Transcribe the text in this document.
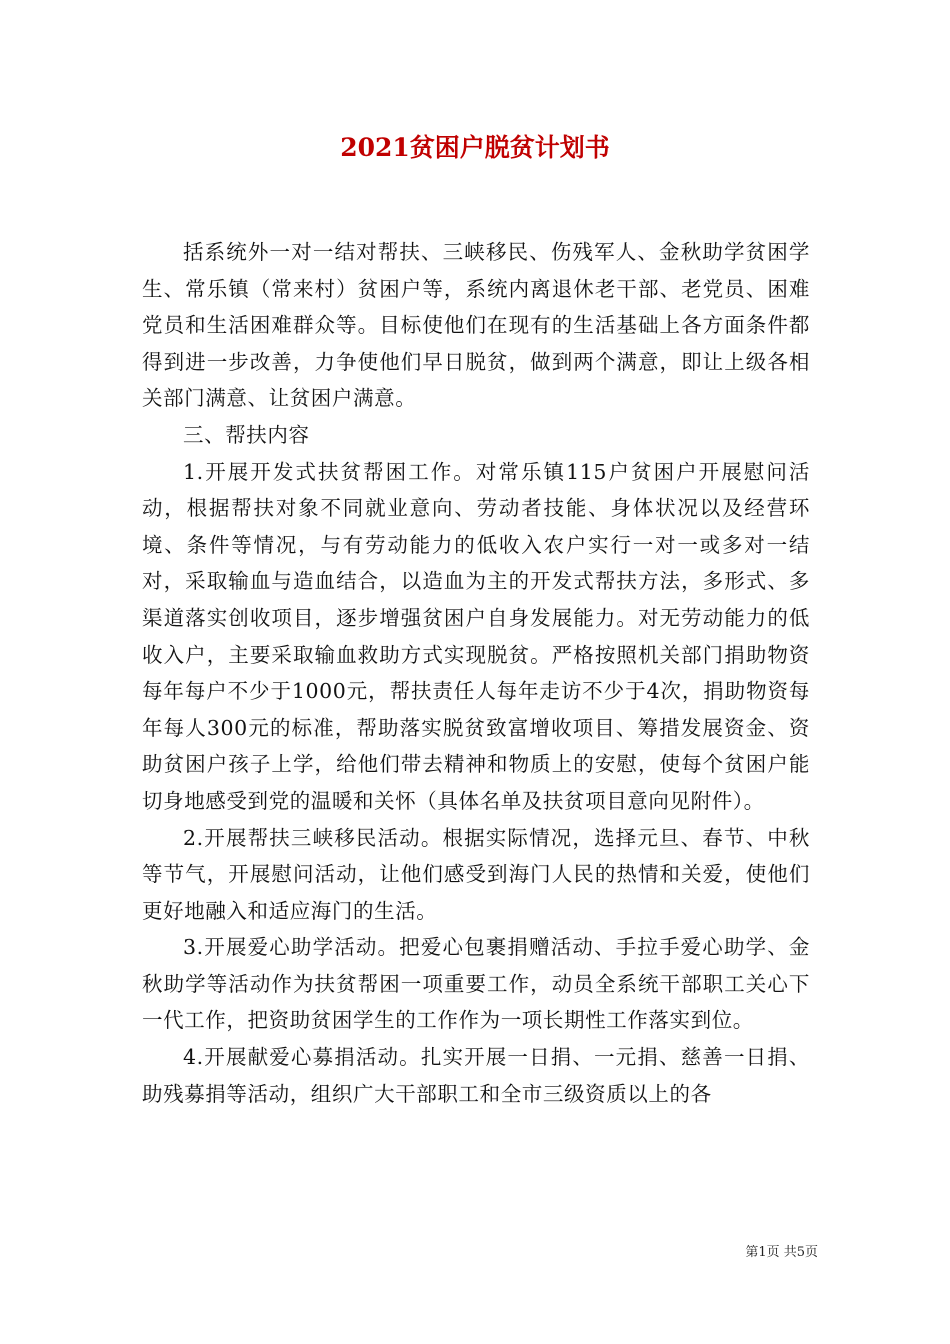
2021贫困户脱贫计划书

括系统外一对一结对帮扶、三峡移民、伤残军人、金秋助学贫困学生、常乐镇（常来村）贫困户等，系统内离退休老干部、老党员、困难党员和生活困难群众等。目标使他们在现有的生活基础上各方面条件都得到进一步改善，力争使他们早日脱贫，做到两个满意，即让上级各相关部门满意、让贫困户满意。

三、帮扶内容

1.开展开发式扶贫帮困工作。对常乐镇115户贫困户开展慰问活动，根据帮扶对象不同就业意向、劳动者技能、身体状况以及经营环境、条件等情况，与有劳动能力的低收入农户实行一对一或多对一结对，采取输血与造血结合，以造血为主的开发式帮扶方法，多形式、多渠道落实创收项目，逐步增强贫困户自身发展能力。对无劳动能力的低收入户，主要采取输血救助方式实现脱贫。严格按照机关部门捐助物资每年每户不少于1000元，帮扶责任人每年走访不少于4次，捐助物资每年每人300元的标准，帮助落实脱贫致富增收项目、筹措发展资金、资助贫困户孩子上学，给他们带去精神和物质上的安慰，使每个贫困户能切身地感受到党的温暖和关怀（具体名单及扶贫项目意向见附件）。

2.开展帮扶三峡移民活动。根据实际情况，选择元旦、春节、中秋等节气，开展慰问活动，让他们感受到海门人民的热情和关爱，使他们更好地融入和适应海门的生活。

3.开展爱心助学活动。把爱心包裹捐赠活动、手拉手爱心助学、金秋助学等活动作为扶贫帮困一项重要工作，动员全系统干部职工关心下一代工作，把资助贫困学生的工作作为一项长期性工作落实到位。

4.开展献爱心募捐活动。扎实开展一日捐、一元捐、慈善一日捐、助残募捐等活动，组织广大干部职工和全市三级资质以上的各

第1页 共5页
